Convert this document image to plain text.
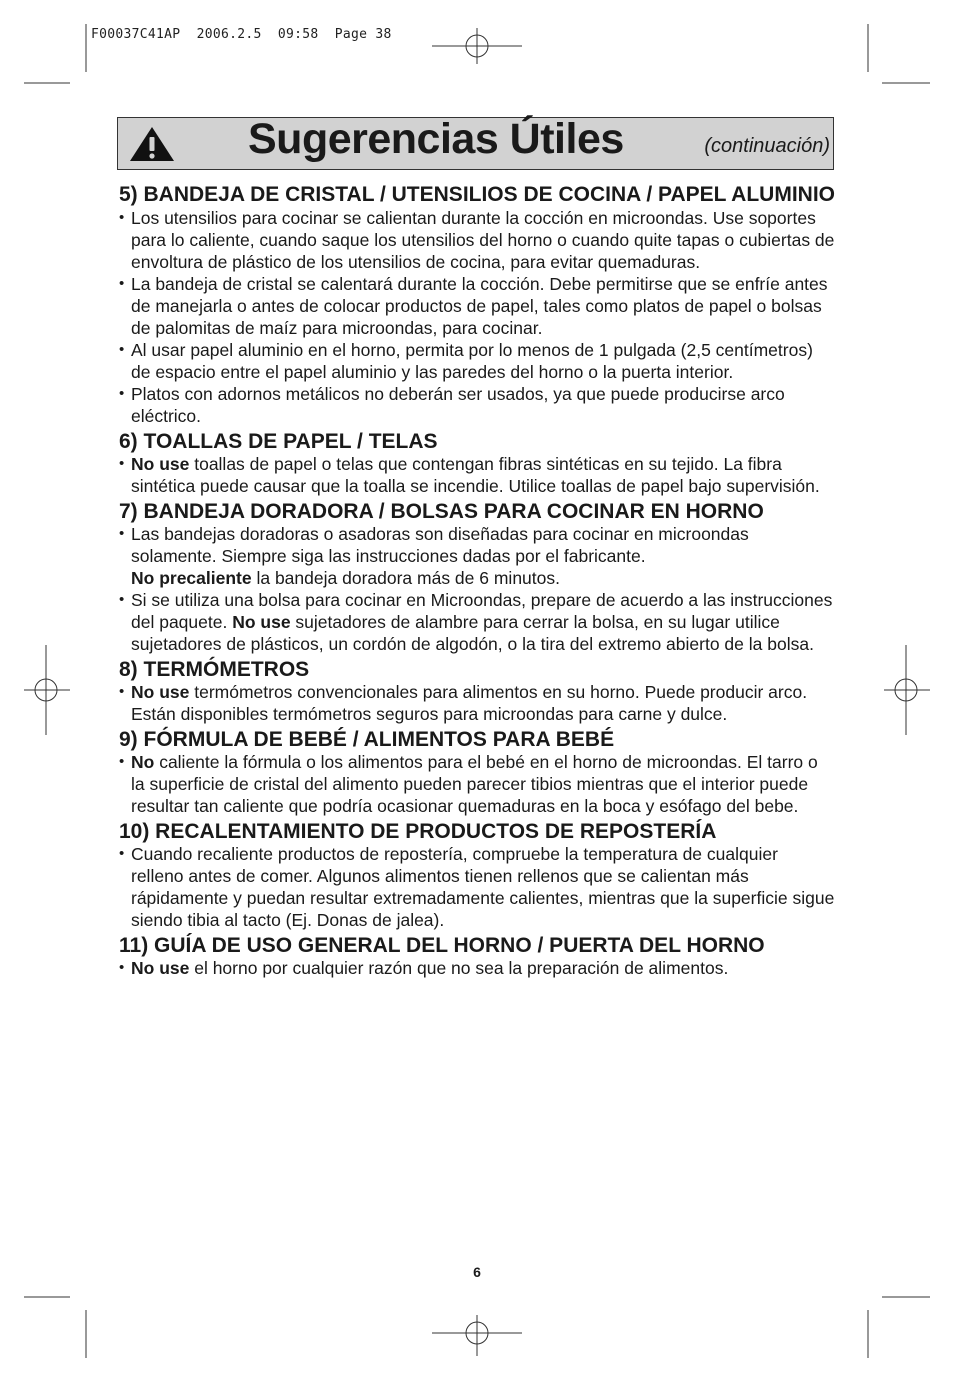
F00037C41AP  2006.2.5  09:58  Page 38
Sugerencias Útiles	(continuación)
5) BANDEJA DE CRISTAL / UTENSILIOS DE COCINA / PAPEL ALUMINIO
• Los utensilios para cocinar se calientan durante la cocción en microondas. Use soportes para lo caliente, cuando saque los utensilios del horno o cuando quite tapas o cubiertas de envoltura de plástico de los utensilios de cocina, para evitar quemaduras.
• La bandeja de cristal se calentará durante la cocción. Debe permitirse que se enfríe antes de manejarla o antes de colocar productos de papel, tales como platos de papel o bolsas de palomitas de maíz para microondas, para cocinar.
• Al usar papel aluminio en el horno, permita por lo menos de 1 pulgada (2,5 centímetros) de espacio entre el papel aluminio y las paredes del horno o la puerta interior.
• Platos con adornos metálicos no deberán ser usados, ya que puede producirse arco eléctrico.
6) TOALLAS DE PAPEL / TELAS
• No use toallas de papel o telas que contengan fibras sintéticas en su tejido. La fibra sintética puede causar que la toalla se incendie. Utilice toallas de papel bajo supervisión.
7) BANDEJA DORADORA / BOLSAS PARA COCINAR EN HORNO
• Las bandejas doradoras o asadoras son diseñadas para cocinar en microondas solamente. Siempre siga las instrucciones dadas por el fabricante.
No precaliente la bandeja doradora más de 6 minutos.
• Si se utiliza una bolsa para cocinar en Microondas, prepare de acuerdo a las instrucciones del paquete. No use sujetadores de alambre para cerrar la bolsa, en su lugar utilice sujetadores de plásticos, un cordón de algodón, o la tira del extremo abierto de la bolsa.
8) TERMÓMETROS
• No use termómetros convencionales para alimentos en su horno. Puede producir arco. Están disponibles termómetros seguros para microondas para carne y dulce.
9) FÓRMULA DE BEBÉ / ALIMENTOS PARA BEBÉ
• No caliente la fórmula o los alimentos para el bebé en el horno de microondas. El tarro o la superficie de cristal del alimento pueden parecer tibios mientras que el interior puede resultar tan caliente que podría ocasionar quemaduras en la boca y esófago del bebe.
10) RECALENTAMIENTO DE PRODUCTOS DE REPOSTERÍA
• Cuando recaliente productos de repostería, compruebe la temperatura de cualquier relleno antes de comer. Algunos alimentos tienen rellenos que se calientan más rápidamente y puedan resultar extremadamente calientes, mientras que la superficie sigue siendo tibia al tacto (Ej. Donas de jalea).
11) GUÍA DE USO GENERAL DEL HORNO / PUERTA DEL HORNO
• No use el horno por cualquier razón que no sea la preparación de alimentos.
6
